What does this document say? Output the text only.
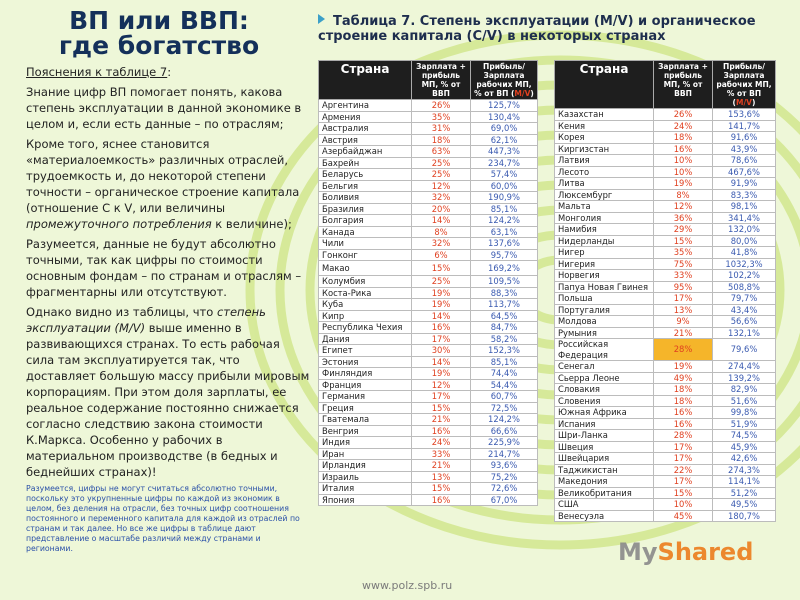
ВП или ВВП:
где богатство
Таблица 7. Степень эксплуатации (M/V) и органическое строение капитала (C/V) в некоторых странах

Пояснения к таблице 7:

Знание цифр ВП помогает понять, какова степень эксплуатации в данной экономике в целом и, если есть данные – по отраслям;

Кроме того, яснее становится «материалоемкость» различных отраслей, трудоемкость и, до некоторой степени точности – органическое строение капитала (отношение С к V, или величины промежуточного потребления к величине);

Разумеется, данные не будут абсолютно точными, так как цифры по стоимости основным фондам – по странам и отраслям – фрагментарны или отсутствуют.

Однако видно из таблицы, что степень эксплуатации (M/V) выше именно в развивающихся странах. То есть рабочая сила там эксплуатируется так, что доставляет большую массу прибыли мировым корпорациям. При этом доля зарплаты, ее реальное содержание постоянно снижается согласно следствию закона стоимости К.Маркса. Особенно у рабочих в материальном производстве (в бедных и беднейших странах)!

Разумеется, цифры не могут считаться абсолютно точными, поскольку это укрупненные цифры по каждой из экономик в целом, без деления на отрасли, без точных цифр соотношения постоянного и переменного капитала для каждой из отраслей по странам и так далее. Но все же цифры в таблице дают представление о масштабе различий между странами и регионами.

Страна	Зарплата + прибыль МП, % от ВВП	Прибыль/ Зарплата рабочих МП, % от ВП (M/V)
Аргентина	26%	125,7%
Армения	35%	130,4%
Австралия	31%	69,0%
Австрия	18%	62,1%
Азербайджан	63%	447,3%
Бахрейн	25%	234,7%
Беларусь	25%	57,4%
Бельгия	12%	60,0%
Боливия	32%	190,9%
Бразилия	20%	85,1%
Болгария	14%	124,2%
Канада	8%	63,1%
Чили	32%	137,6%
Гонконг	6%	95,7%
Макао	15%	169,2%
Колумбия	25%	109,5%
Коста-Рика	19%	88,3%
Куба	19%	113,7%
Кипр	14%	64,5%
Республика Чехия	16%	84,7%
Дания	17%	58,2%
Египет	30%	152,3%
Эстония	14%	85,1%
Финляндия	19%	74,4%
Франция	12%	54,4%
Германия	17%	60,7%
Греция	15%	72,5%
Гватемала	21%	124,2%
Венгрия	16%	66,6%
Индия	24%	225,9%
Иран	33%	214,7%
Ирландия	21%	93,6%
Израиль	13%	75,2%
Италия	15%	72,6%
Япония	16%	67,0%
Страна	Зарплата + прибыль МП, % от ВВП	Прибыль/ Зарплата рабочих МП, % от ВП (M/V)
Казахстан	26%	153,6%
Кения	24%	141,7%
Корея	18%	91,6%
Киргизстан	16%	43,9%
Латвия	10%	78,6%
Лесото	10%	467,6%
Литва	19%	91,9%
Люксембург	8%	83,3%
Мальта	12%	98,1%
Монголия	36%	341,4%
Намибия	29%	132,0%
Нидерланды	15%	80,0%
Нигер	35%	41,8%
Нигерия	75%	1032,3%
Норвегия	33%	102,2%
Папуа Новая Гвинея	95%	508,8%
Польша	17%	79,7%
Португалия	13%	43,4%
Молдова	9%	56,6%
Румыния	21%	132,1%
Российская Федерация	28%	79,6%
Сенегал	19%	274,4%
Сьерра Леоне	49%	139,2%
Словакия	18%	82,9%
Словения	18%	51,6%
Южная Африка	16%	99,8%
Испания	16%	51,9%
Шри-Ланка	28%	74,5%
Швеция	17%	45,9%
Швейцария	17%	42,6%
Таджикистан	22%	274,3%
Македония	17%	114,1%
Великобритания	15%	51,2%
США	10%	49,5%
Венесуэла	45%	180,7%
MyShared
www.polz.spb.ru
